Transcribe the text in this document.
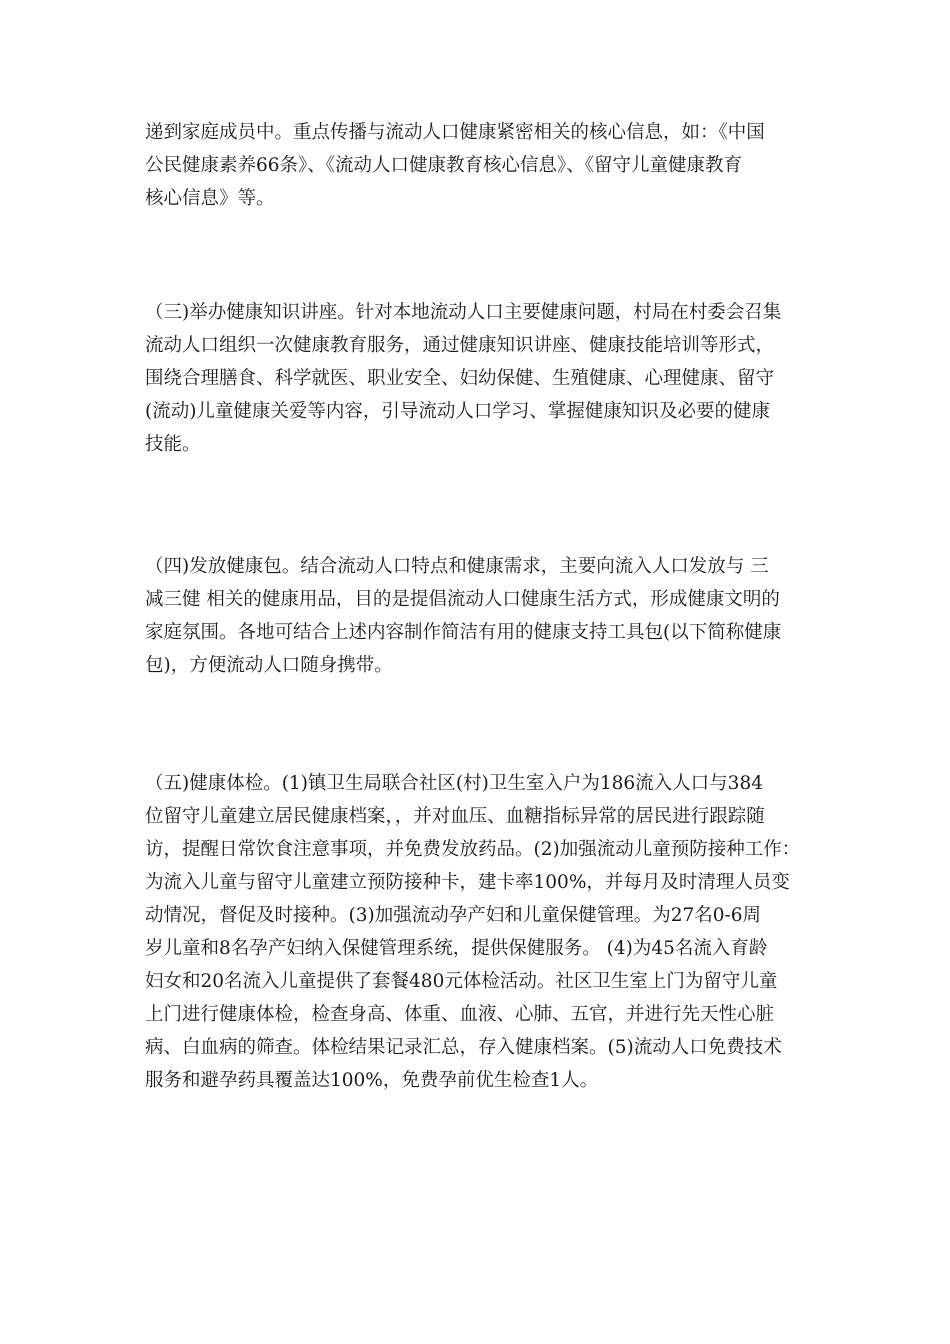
递到家庭成员中。重点传播与流动人口健康紧密相关的核心信息，如：《中国
公民健康素养66条》、《流动人口健康教育核心信息》、《留守儿童健康教育
核心信息》等。

（三)举办健康知识讲座。针对本地流动人口主要健康问题，村局在村委会召集
流动人口组织一次健康教育服务，通过健康知识讲座、健康技能培训等形式，
围绕合理膳食、科学就医、职业安全、妇幼保健、生殖健康、心理健康、留守
(流动)儿童健康关爱等内容，引导流动人口学习、掌握健康知识及必要的健康
技能。

（四)发放健康包。结合流动人口特点和健康需求，主要向流入人口发放与 三
减三健 相关的健康用品，目的是提倡流动人口健康生活方式，形成健康文明的
家庭氛围。各地可结合上述内容制作简洁有用的健康支持工具包(以下简称健康
包)，方便流动人口随身携带。

（五)健康体检。(1)镇卫生局联合社区(村)卫生室入户为186流入人口与384
位留守儿童建立居民健康档案，，并对血压、血糖指标异常的居民进行跟踪随
访，提醒日常饮食注意事项，并免费发放药品。(2)加强流动儿童预防接种工作：
为流入儿童与留守儿童建立预防接种卡，建卡率100%，并每月及时清理人员变
动情况，督促及时接种。(3)加强流动孕产妇和儿童保健管理。为27名0-6周
岁儿童和8名孕产妇纳入保健管理系统，提供保健服务。 (4)为45名流入育龄
妇女和20名流入儿童提供了套餐480元体检活动。社区卫生室上门为留守儿童
上门进行健康体检，检查身高、体重、血液、心肺、五官，并进行先天性心脏
病、白血病的筛查。体检结果记录汇总，存入健康档案。(5)流动人口免费技术
服务和避孕药具覆盖达100%，免费孕前优生检查1人。
